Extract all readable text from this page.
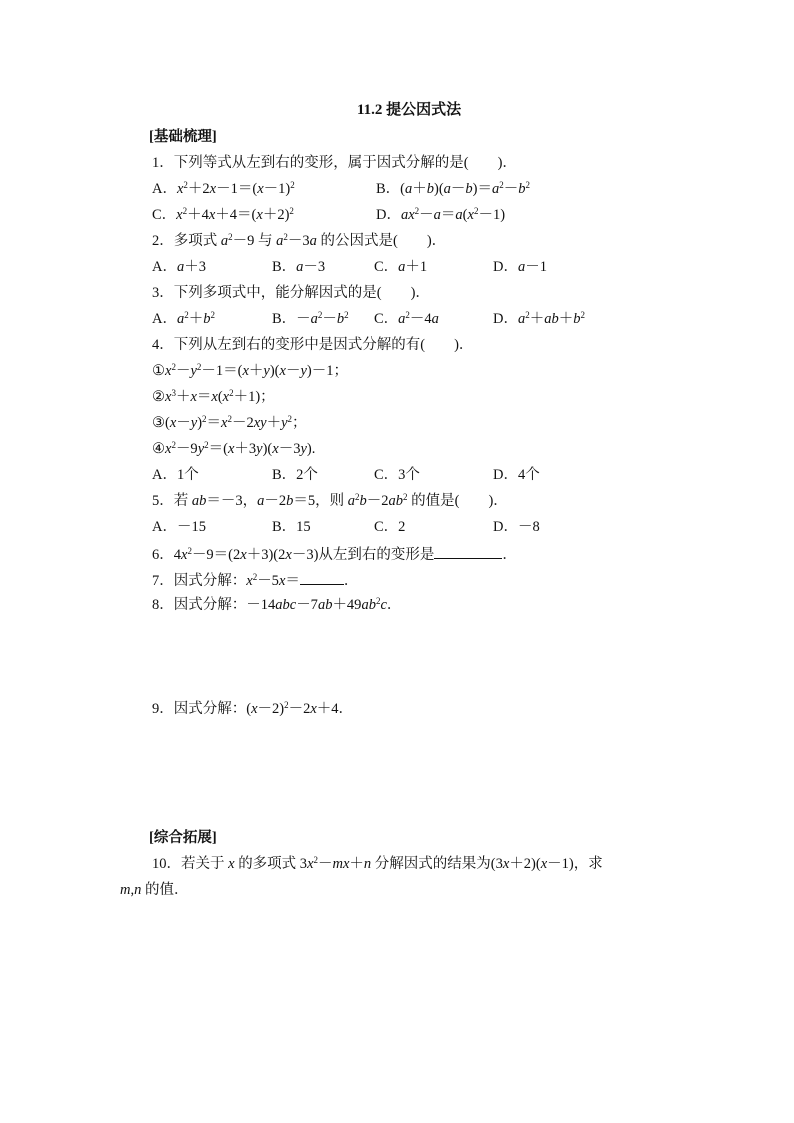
11.2 提公因式法
[基础梳理]
1．下列等式从左到右的变形，属于因式分解的是(　　)．
A．$x^2+2x-1=(x-1)^2$	B．$(a+b)(a-b)=a^2-b^2$
C．$x^2+4x+4=(x+2)^2$	D．$ax^2-a=a(x^2-1)$
2．多项式 $a^2-9$ 与 $a^2-3a$ 的公因式是(　　)．
A．a＋3	B．a－3	C．a＋1	D．a－1
3．下列多项式中，能分解因式的是(　　)．
A．$a^2+b^2$	B．$-a^2-b^2$ C．$a^2-4a$	D．$a^2+ab+b^2$
4．下列从左到右的变形中是因式分解的有(　　)．
$①x^2-y^2-1=(x+y)(x-y)-1$；
$②x^3+x=x(x^2+1)$；
$③(x-y)^2=x^2-2xy+y^2$；
$④x^2-9y^2=(x+3y)(x-3y)$.
A．1个	B．2个	C．3个	D．4个
5．若 ab＝－3，a－2b＝5，则 $a^2b-2ab^2$ 的值是(　　)．
A．－15	B．15	C．2	D．－8
6．$4x^2-9=(2x+3)(2x-3)$从左到右的变形是	．
7．因式分解：$x^2-5x=$	．
8．因式分解：$-14abc-7ab+49ab^2c$．
9．因式分解：$(x-2)^2-2x+4$．
[综合拓展]
10．若关于 x 的多项式 $3x^2-mx+n$ 分解因式的结果为(3x＋2)(x－1)，求
m,n 的值．
